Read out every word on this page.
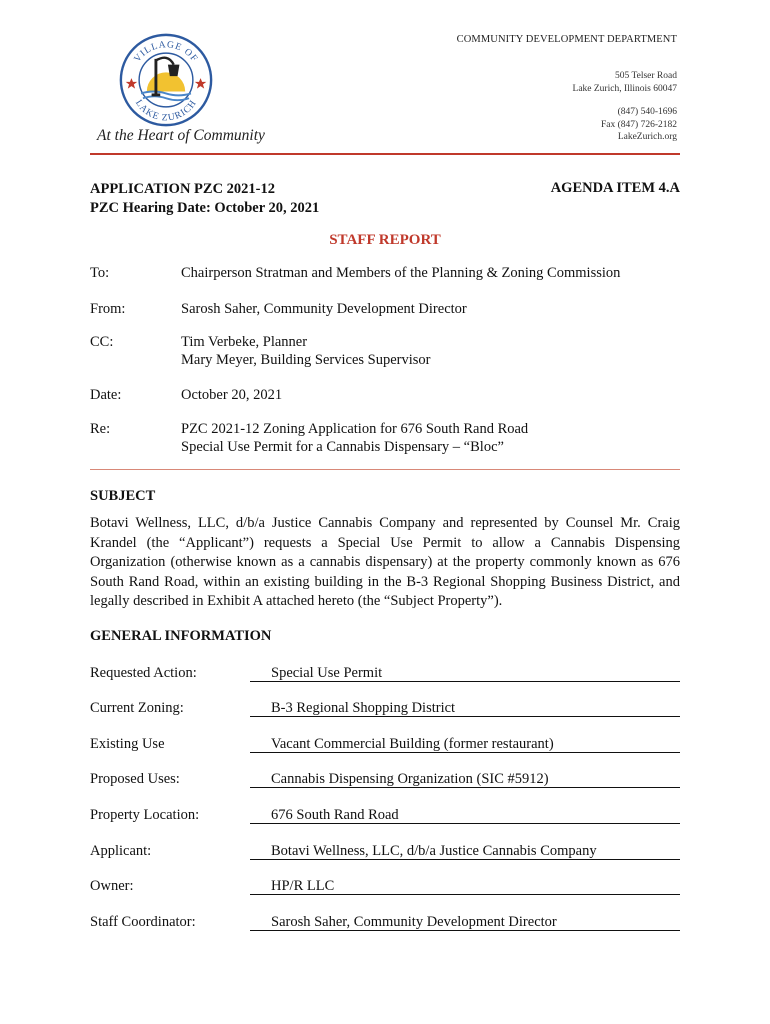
VILLAGE OF
LAKE ZURICH
At the Heart of Community
COMMUNITY DEVELOPMENT DEPARTMENT
505 Telser Road
Lake Zurich, Illinois 60047
(847) 540-1696
Fax (847) 726-2182
LakeZurich.org
APPLICATION PZC 2021-12
PZC Hearing Date: October 20, 2021
AGENDA ITEM 4.A
STAFF REPORT
To:	Chairperson Stratman and Members of the Planning & Zoning Commission
From:	Sarosh Saher, Community Development Director
CC:	Tim Verbeke, Planner
Mary Meyer, Building Services Supervisor
Date:	October 20, 2021
Re:	PZC 2021-12 Zoning Application for 676 South Rand Road
Special Use Permit for a Cannabis Dispensary – “Bloc”
SUBJECT
Botavi Wellness, LLC, d/b/a Justice Cannabis Company and represented by Counsel Mr. Craig Krandel (the “Applicant”) requests a Special Use Permit to allow a Cannabis Dispensing Organization (otherwise known as a cannabis dispensary) at the property commonly known as 676 South Rand Road, within an existing building in the B-3 Regional Shopping Business District, and legally described in Exhibit A attached hereto (the “Subject Property”).
GENERAL INFORMATION
Requested Action:	Special Use Permit
Current Zoning:	B-3 Regional Shopping District
Existing Use	Vacant Commercial Building (former restaurant)
Proposed Uses:	Cannabis Dispensing Organization (SIC #5912)
Property Location:	676 South Rand Road
Applicant:	Botavi Wellness, LLC, d/b/a Justice Cannabis Company
Owner:	HP/R LLC
Staff Coordinator:	Sarosh Saher, Community Development Director
